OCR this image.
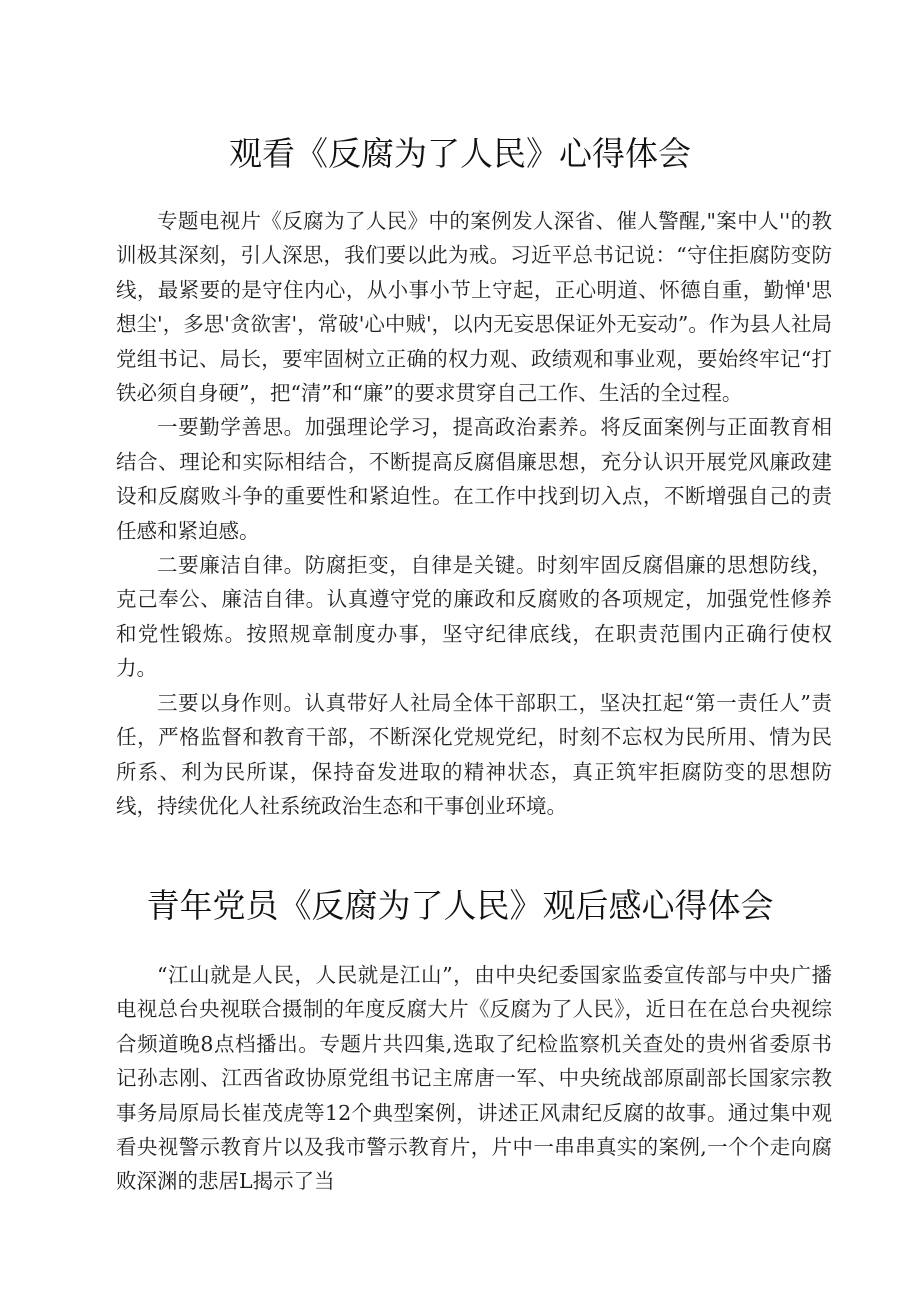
观看《反腐为了人民》心得体会

专题电视片《反腐为了人民》中的案例发人深省、催人警醒,"案中人''的教训极其深刻，引人深思，我们要以此为戒。习近平总书记说：“守住拒腐防变防线，最紧要的是守住内心，从小事小节上守起，正心明道、怀德自重，勤惮'思想尘'，多思'贪欲害'，常破'心中贼'，以内无妄思保证外无妄动”。作为县人社局党组书记、局长，要牢固树立正确的权力观、政绩观和事业观，要始终牢记“打铁必须自身硬”，把“清”和“廉”的要求贯穿自己工作、生活的全过程。

一要勤学善思。加强理论学习，提高政治素养。将反面案例与正面教育相结合、理论和实际相结合，不断提高反腐倡廉思想，充分认识开展党风廉政建设和反腐败斗争的重要性和紧迫性。在工作中找到切入点，不断增强自己的责任感和紧迫感。

二要廉洁自律。防腐拒变，自律是关键。时刻牢固反腐倡廉的思想防线，克己奉公、廉洁自律。认真遵守党的廉政和反腐败的各项规定，加强党性修养和党性锻炼。按照规章制度办事，坚守纪律底线，在职责范围内正确行使权力。

三要以身作则。认真带好人社局全体干部职工，坚决扛起“第一责任人”责任，严格监督和教育干部，不断深化党规党纪，时刻不忘权为民所用、情为民所系、利为民所谋，保持奋发进取的精神状态，真正筑牢拒腐防变的思想防线，持续优化人社系统政治生态和干事创业环境。

青年党员《反腐为了人民》观后感心得体会

“江山就是人民，人民就是江山”，由中央纪委国家监委宣传部与中央广播电视总台央视联合摄制的年度反腐大片《反腐为了人民》，近日在在总台央视综合频道晚8点档播出。专题片共四集,选取了纪检监察机关查处的贵州省委原书记孙志刚、江西省政协原党组书记主席唐一军、中央统战部原副部长国家宗教事务局原局长崔茂虎等12个典型案例，讲述正风肃纪反腐的故事。通过集中观看央视警示教育片以及我市警示教育片，片中一串串真实的案例,一个个走向腐败深渊的悲居L揭示了当
